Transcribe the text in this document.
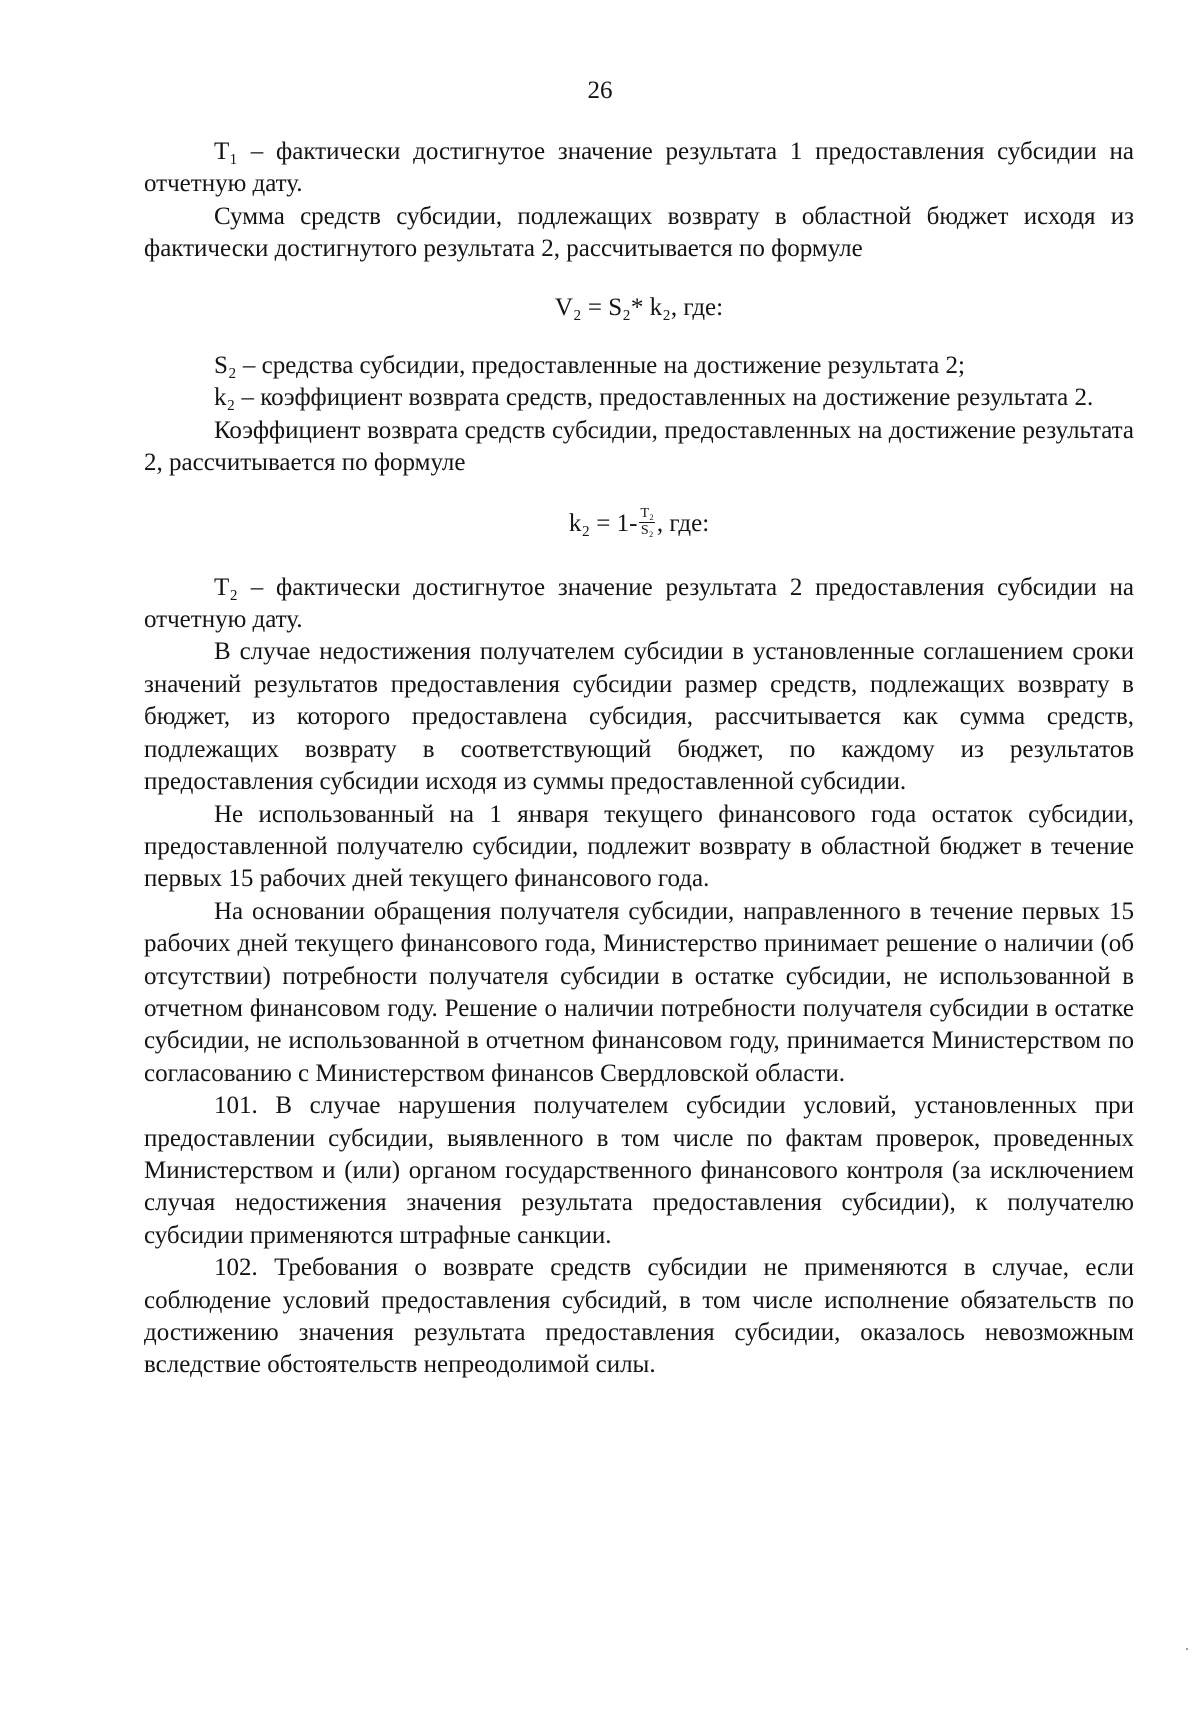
26

T₁ – фактически достигнутое значение результата 1 предоставления субсидии на отчетную дату.

Сумма средств субсидии, подлежащих возврату в областной бюджет исходя из фактически достигнутого результата 2, рассчитывается по формуле

V₂ = S₂* k₂, где:

S₂ – средства субсидии, предоставленные на достижение результата 2;

k₂ – коэффициент возврата средств, предоставленных на достижение результата 2.

Коэффициент возврата средств субсидии, предоставленных на достижение результата 2, рассчитывается по формуле

$k_2 = 1- \frac{\text{T₂}}{\text{S₂}}$ , где:

T₂ – фактически достигнутое значение результата 2 предоставления субсидии на отчетную дату.

В случае недостижения получателем субсидии в установленные соглашением сроки значений результатов предоставления субсидии размер средств, подлежащих возврату в бюджет, из которого предоставлена субсидия, рассчитывается как сумма средств, подлежащих возврату в соответствующий бюджет, по каждому из результатов предоставления субсидии исходя из суммы предоставленной субсидии.

Не использованный на 1 января текущего финансового года остаток субсидии, предоставленной получателю субсидии, подлежит возврату в областной бюджет в течение первых 15 рабочих дней текущего финансового года.

На основании обращения получателя субсидии, направленного в течение первых 15 рабочих дней текущего финансового года, Министерство принимает решение о наличии (об отсутствии) потребности получателя субсидии в остатке субсидии, не использованной в отчетном финансовом году. Решение о наличии потребности получателя субсидии в остатке субсидии, не использованной в отчетном финансовом году, принимается Министерством по согласованию с Министерством финансов Свердловской области.

101. В случае нарушения получателем субсидии условий, установленных при предоставлении субсидии, выявленного в том числе по фактам проверок, проведенных Министерством и (или) органом государственного финансового контроля (за исключением случая недостижения значения результата предоставления субсидии), к получателю субсидии применяются штрафные санкции.

102. Требования о возврате средств субсидии не применяются в случае, если соблюдение условий предоставления субсидий, в том числе исполнение обязательств по достижению значения результата предоставления субсидии, оказалось невозможным вследствие обстоятельств непреодолимой силы.
